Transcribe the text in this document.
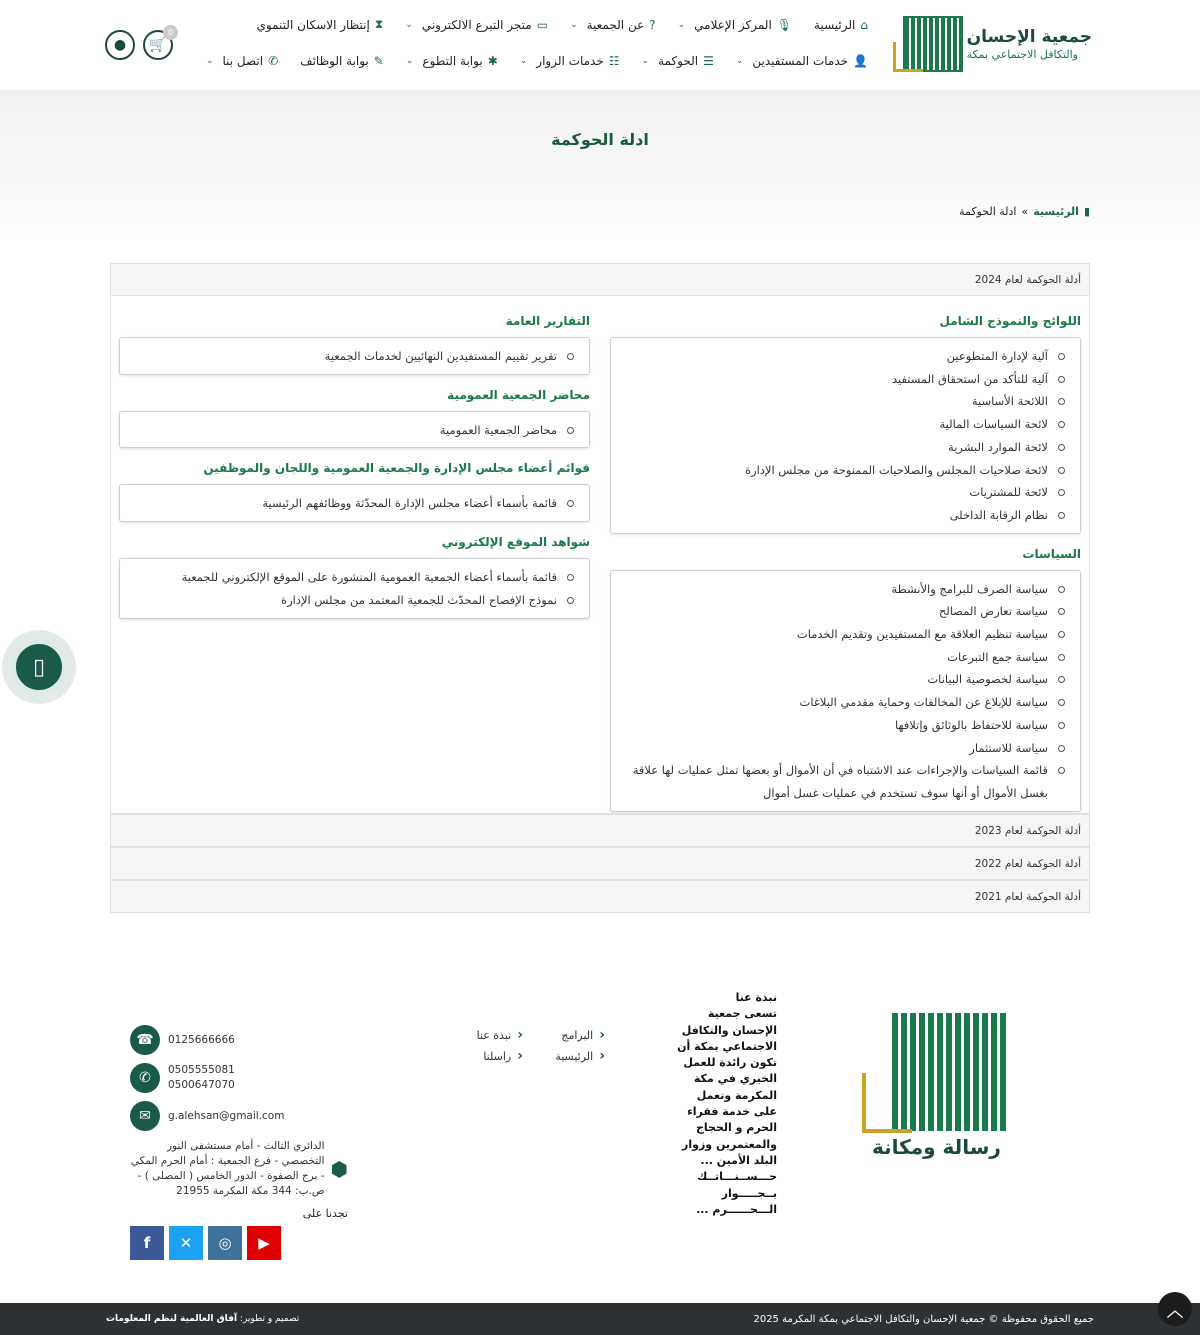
جمعية الإحسان
والتكافل الاجتماعي بمكة
⌂
الرئيسية
🎙
المركز الإعلامي
⌄
?
عن الجمعية
⌄
▭
متجر التبرع الالكتروني
⌄
⧗
إنتظار الاسكان التنموي
👤
خدمات المستفيدين
⌄
☰
الحوكمة
⌄
☷
خدمات الزوار
⌄
✱
بوابة التطوع
⌄
✎
بوابة الوظائف
✆
اتصل بنا
⌄
🛒
0
●
ادلة الحوكمة
▮
الرئيسية
»
ادلة الحوكمة
أدلة الحوكمة لعام 2024
اللوائح والنموذج الشامل
آلية لإدارة المتطوعين
آلية للتأكد من استحقاق المستفيد
اللائحة الأساسية
لائحة السياسات المالية
لائحة الموارد البشرية
لائحة صلاحيات المجلس والصلاحيات الممنوحة من مجلس الإدارة
لائحة للمشتريات
نظام الرقابة الداخلى
السياسات
سياسة الصرف للبرامج والأنشطة
سياسة تعارض المصالح
سياسة تنظيم العلاقة مع المستفيدين وتقديم الخدمات
سياسة جمع التبرعات
سياسة لخصوصية البيانات
سياسة للإبلاغ عن المخالفات وحماية مقدمي البلاغات
سياسة للاحتفاظ بالوثائق وإتلافها
سياسة للاستثمار
قائمة السياسات والإجراءات عند الاشتباه في أن الأموال أو بعضها تمثل عمليات لها علاقة بغسل الأموال أو أنها سوف تستخدم في عمليات غسل أموال
التقارير العامة
تقرير تقييم المستفيدين النهائيين لخدمات الجمعية
محاضر الجمعية العمومية
محاضر الجمعية العمومية
قوائم أعضاء مجلس الإدارة والجمعية العمومية واللجان والموظفين
قائمة بأسماء أعضاء مجلس الإدارة المحدّثة ووظائفهم الرئيسية
شواهد الموقع الإلكتروني
قائمة بأسماء أعضاء الجمعية العمومية المنشورة على الموقع الإلكتروني للجمعية
نموذج الإفصاح المحدّث للجمعية المعتمد من مجلس الإدارة
أدلة الحوكمة لعام 2023
أدلة الحوكمة لعام 2022
أدلة الحوكمة لعام 2021
▯
رسالة ومكانة
نبذة عنا
تسعى جمعية الإحسان والتكافل الاجتماعي بمكة أن تكون رائدة للعمل الخيري في مكة المكرمة وتعمل على خدمة فقراء الحرم و الحجاج والمعتمرين وزوار البلد الأمين ... حـــســنـــاتــك بــجـــــوار الـــحــــــرم ...
‹
البرامج
‹
نبذة عنا
‹
الرئيسية
‹
راسلنا
0125666666
☎
0505555081
0500647070
✆
g.alehsan@gmail.com
✉
⬢
الدائري الثالث - أمام مستشفى النور التخصصي - فرع الجمعية : أمام الحرم المكي - برج الصفوة - الدور الخامس ( المصلى ) - ص.ب: 344 مكة المكرمة 21955
تجدنا على
▶
◎
✕
f
جميع الحقوق محفوظة © جمعية الإحسان والتكافل الاجتماعي بمكة المكرمة 2025
تصميم و تطوير: آفاق العالمية لنظم المعلومات	︿
